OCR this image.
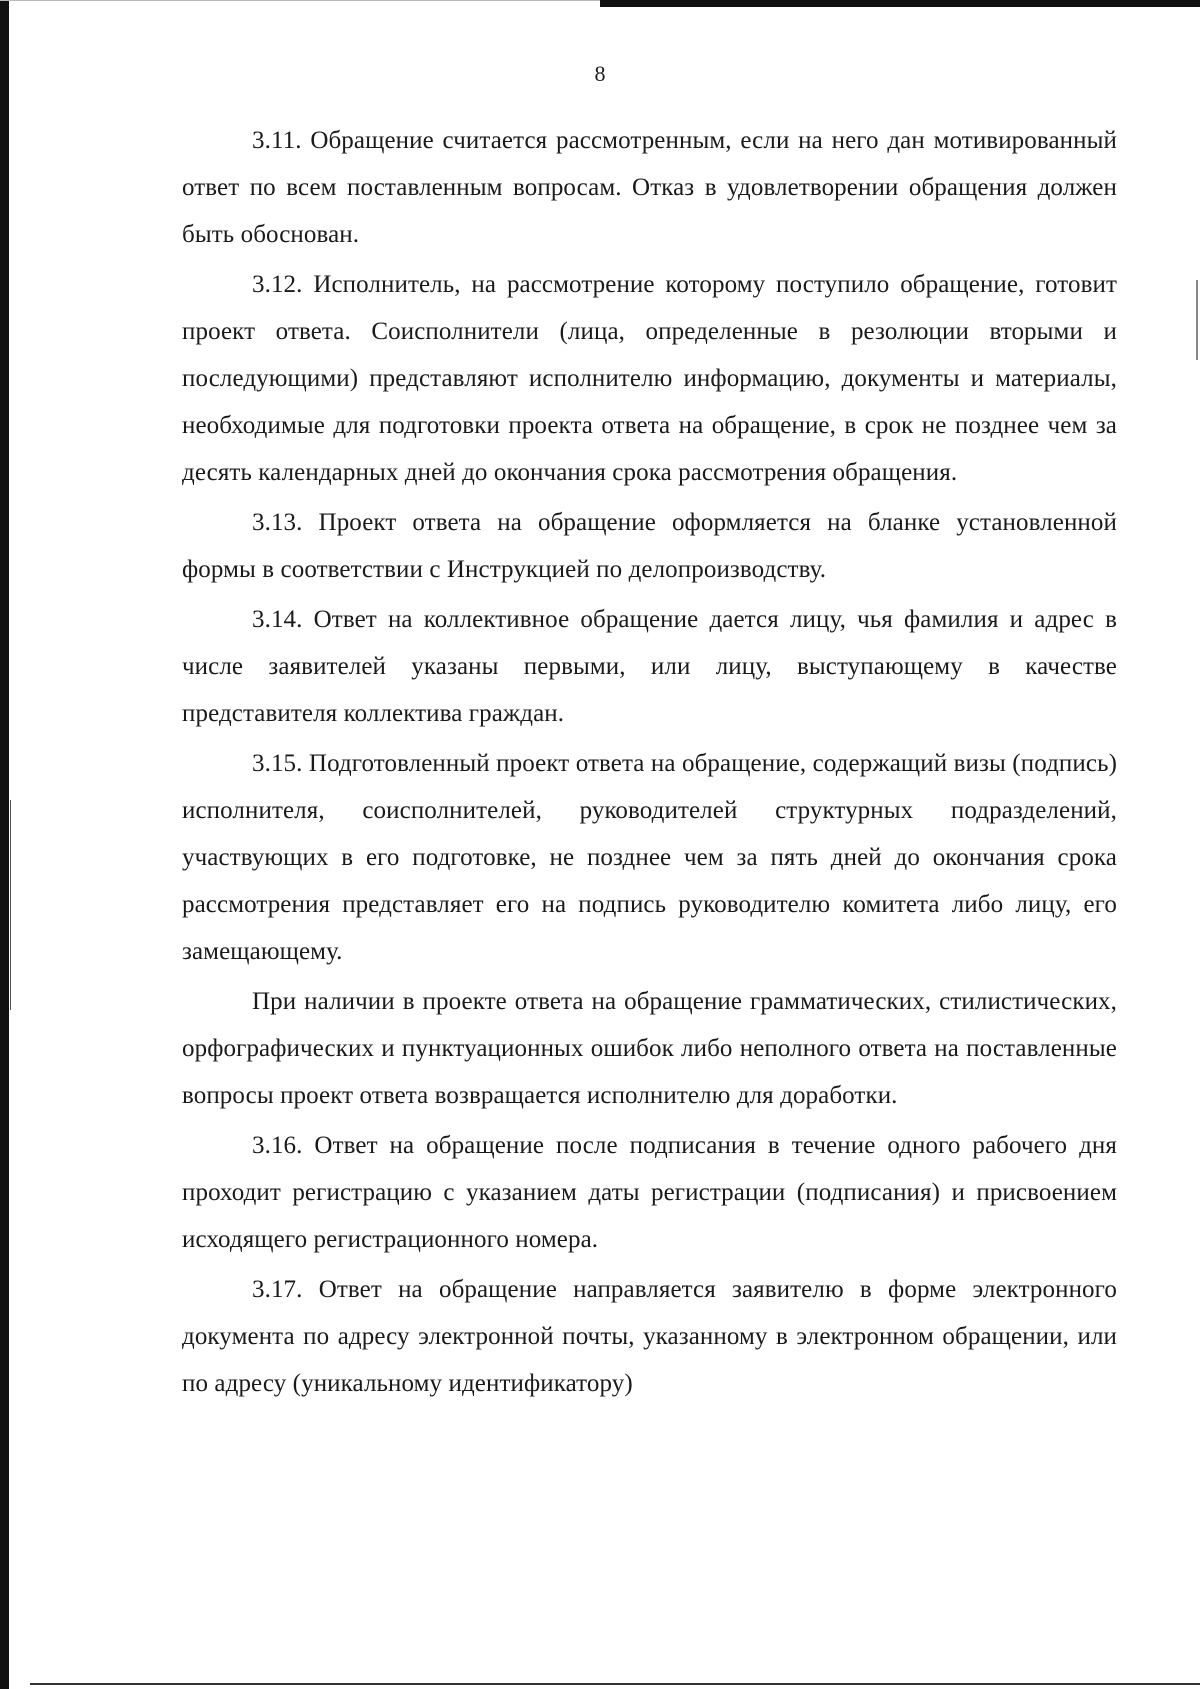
8

3.11. Обращение считается рассмотренным, если на него дан мотивированный ответ по всем поставленным вопросам. Отказ в удовлетворении обращения должен быть обоснован.

3.12. Исполнитель, на рассмотрение которому поступило обращение, готовит проект ответа. Соисполнители (лица, определенные в резолюции вторыми и последующими) представляют исполнителю информацию, документы и материалы, необходимые для подготовки проекта ответа на обращение, в срок не позднее чем за десять календарных дней до окончания срока рассмотрения обращения.

3.13. Проект ответа на обращение оформляется на бланке установленной формы в соответствии с Инструкцией по делопроизводству.

3.14. Ответ на коллективное обращение дается лицу, чья фамилия и адрес в числе заявителей указаны первыми, или лицу, выступающему в качестве представителя коллектива граждан.

3.15. Подготовленный проект ответа на обращение, содержащий визы (подпись) исполнителя, соисполнителей, руководителей структурных подразделений, участвующих в его подготовке, не позднее чем за пять дней до окончания срока рассмотрения представляет его на подпись руководителю комитета либо лицу, его замещающему.

При наличии в проекте ответа на обращение грамматических, стилистических, орфографических и пунктуационных ошибок либо неполного ответа на поставленные вопросы проект ответа возвращается исполнителю для доработки.

3.16. Ответ на обращение после подписания в течение одного рабочего дня проходит регистрацию с указанием даты регистрации (подписания) и присвоением исходящего регистрационного номера.

3.17. Ответ на обращение направляется заявителю в форме электронного документа по адресу электронной почты, указанному в электронном обращении, или по адресу (уникальному идентификатору)
